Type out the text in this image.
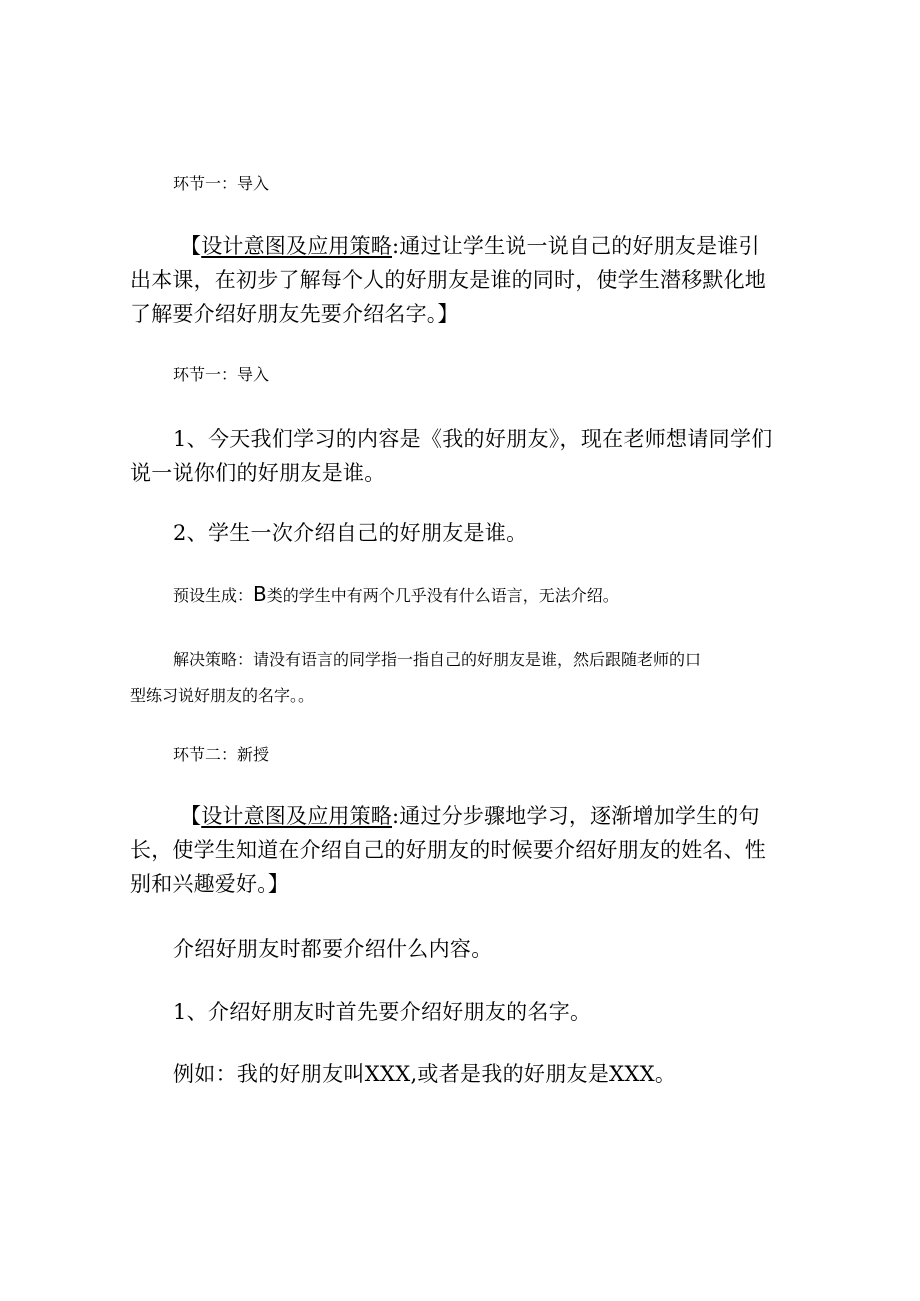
环节一：导入
【设计意图及应用策略:通过让学生说一说自己的好朋友是谁引
出本课，在初步了解每个人的好朋友是谁的同时，使学生潜移默化地
了解要介绍好朋友先要介绍名字。】
环节一：导入
1、今天我们学习的内容是《我的好朋友》，现在老师想请同学们
说一说你们的好朋友是谁。
2、学生一次介绍自己的好朋友是谁。
预设生成：B类的学生中有两个几乎没有什么语言，无法介绍。
解决策略：请没有语言的同学指一指自己的好朋友是谁，然后跟随老师的口
型练习说好朋友的名字。。
环节二：新授
【设计意图及应用策略:通过分步骤地学习，逐渐增加学生的句
长，使学生知道在介绍自己的好朋友的时候要介绍好朋友的姓名、性
别和兴趣爱好。】
介绍好朋友时都要介绍什么内容。
1、介绍好朋友时首先要介绍好朋友的名字。
例如：我的好朋友叫XXX,或者是我的好朋友是XXX。
